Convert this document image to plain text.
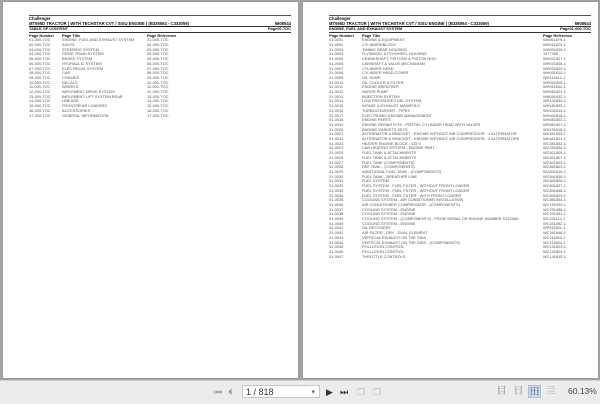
Challenger
MT595D TRACTOR ( WITH TECHSTAR CVT / SISU ENGINE ) (B335064 - C333059)	5908544
TABLE OF CONTENT	Page00-TOC
Page Number	Page Title	Page Reference
01-000-TOC	ENGINE, FUEL AND EXHAUST SYSTEM	01-000-TOC
02-000-TOC	AXLES	02-000-TOC
03-000-TOC	STEERING SYSTEM	03-000-TOC
04-000-TOC	DRIVE TRAIN SYSTEM	04-000-TOC
05-000-TOC	BRAKE SYSTEM	05-000-TOC
06-000-TOC	HYDRAULIC SYSTEM	06-000-TOC
07-000-TOC	ELECTRICAL SYSTEM	07-000-TOC
08-000-TOC	CAB	08-000-TOC
09-000-TOC	CHASSIS	09-000-TOC
10-000-TOC	DECALS	10-000-TOC
11-000-TOC	WHEELS	11-000-TOC
12-000-TOC	IMPLEMENT DRIVE SYSTEM	12-000-TOC
13-000-TOC	IMPLEMENT LIFT SYSTEM REAR	13-000-TOC
14-000-TOC	LINKAGE	14-000-TOC
15-000-TOC	FRONT/REAR LOADERS	15-000-TOC
16-000-TOC	ACCESSORIES	16-000-TOC
17-000-TOC	GENERAL INFORMATION	17-000-TOC
Challenger
MT595D TRACTOR ( WITH TECHSTAR CVT / SISU ENGINE ) (B335064 - C333059)	5908544
ENGINE, FUEL AND EXHAUST SYSTEM	Page01-000-TOC
Page Number	Page Title	Page Reference
01-0001	ENGINE & EQUIPMENT	WA061879-1
01-0002	CYLINDER/BLOCK	WH011823-1
01-0003	TIMING GEAR HOUSING	WH001816-1
01-0004	FLYWHEEL & FLYWHEEL HOUSING	1977359
01-0005	CRANKSHAFT, PISTONS & PISTON ROD	WH021827-1
01-0006	CAMSHAFT & VALVE MECHANISM	WH021806-1
01-0007	CYLINDER HEAD	WH031825-1
01-0008	CYLINDER HEAD COVER	WH031815-1
01-0009	OIL SUMP	WH111812-1
01-0010	OIL COOLER & FILTER	WH051809-1
01-0011	ENGINE BREATHER	WH311802-1
01-0012	WATER PUMP	WH081821-1
01-0013	INJECTION SYSTEM	WH091832-1
01-0014	LOW PRESSURE FUEL SYSTEM	WH141839-1
01-0015	INTAKE & EXHAUST MANIFOLD	WH181825-1
01-0016	TURBOCHARGER - PIPES	WH241814-1
01-0017	ELECTRONIC ENGINE MANAGEMENT	WH401818-1
01-0018	ENGINE PARTS	WH451802-1
01-0019	ENGINE REPAIR KITS - PISTON- CYLINDER HEAD WITH VALVES	WH361807-1
01-0020	ENGINE GASKETS SETS	WH151818-1
01-0021	ALTERNATOR & BRACKET - ENGINE WITHOUT AIR COMPRESSOR - 1 ALTERNATOR	WA181839-1
01-0022	ALTERNATOR & BRACKET - ENGINE WITHOUT AIR COMPRESSOR - 2 ALTERNATORS	WA181831-1
01-0023	HEATER ENGINE BLOCK - 115 V	WC381832-1
01-0024	CAB HEATING SYSTEM - ENGINE PART	WC281834-1
01-0025	FUEL TANK & ATTACHMENTS	WC821805-1
01-0026	FUEL TANK & ATTACHMENTS	WC821807-1
01-0027	FUEL TANK (COMPONENTS)	WC821803-1
01-0028	DEF TANK - (COMPONENTS)	WC861803-1
01-0029	ADDITIONAL FUEL TANK - (COMPONENTS)	WC841816-1
01-0030	FUEL TANK - BREATHER LINE	WC841836-1
01-0031	FUEL SYSTEM	WC841826-1
01-0032	FUEL SYSTEM - FUEL FILTER - WITHOUT FRONT LOADER	WC841827-1
01-0033	FUEL SYSTEM - FUEL FILTER - WITHOUT FRONT LOADER	WC841848-1
01-0034	FUEL SYSTEM - FUEL FILTER - WITH FRONT LOADER	WC841829-1
01-0035	COOLING SYSTEM - AIR CONDITIONER INSTALLATION	WC881844-1
01-0036	AIR CONDITIONER COMPRESSOR - (COMPONENTS)	WC191003-1
01-0037	COOLING SYSTEM - ENGINE	WC231086-1
01-0038	COOLING SYSTEM - ENGINE	WC231081-1
01-0039	COOLING SYSTEM - (COMPONENTS) - FROM SERIAL OR ENGINE NUMBER D122068	WC231112-1
01-0040	COOLING SYSTEM - ENGINE	WC231082-1
01-0041	OIL RECOVERY	WP411841-1
01-0042	AIR FILTER - DRY - DUAL ELEMENT	WC261848-1
01-0043	VERTICAL EXHAUST ON THE SIDE	WC111853-1
01-0044	VERTICAL EXHAUST ON THE SIDE - (COMPONENTS)	WC111854-1
01-0045	POLLUTION CONTROL	WC131803-1
01-0046	POLLUTION CONTROL	WC131804-1
01-0047	THROTTLE CONTROLS	WC141815-1
⏮ ⏴	1 / 818	▾ ▶ ⏭ ❐ ❐	目 日 田 亖 60.13%
